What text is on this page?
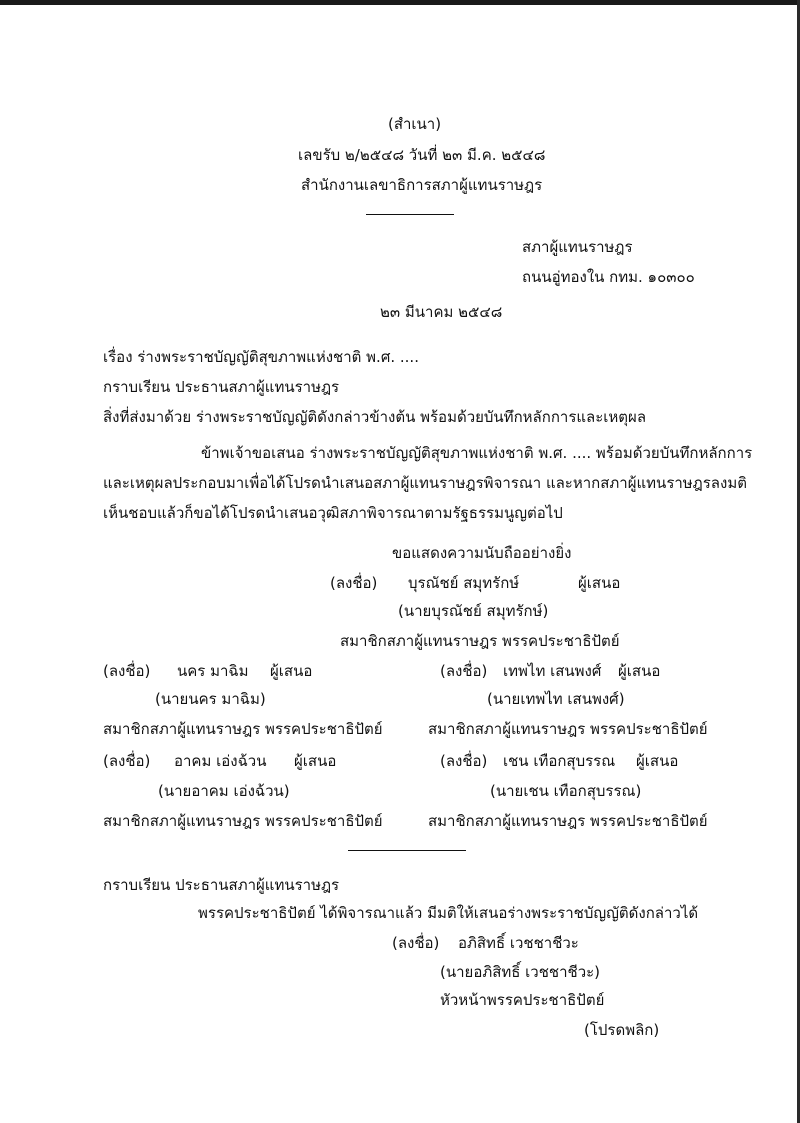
(สำเนา)
เลขรับ ๒/๒๕๔๘ วันที่ ๒๓ มี.ค. ๒๕๔๘
สำนักงานเลขาธิการสภาผู้แทนราษฎร
สภาผู้แทนราษฎร
ถนนอู่ทองใน กทม. ๑๐๓๐๐
๒๓ มีนาคม ๒๕๔๘
เรื่อง ร่างพระราชบัญญัติสุขภาพแห่งชาติ พ.ศ. ....
กราบเรียน ประธานสภาผู้แทนราษฎร
สิ่งที่ส่งมาด้วย ร่างพระราชบัญญัติดังกล่าวข้างต้น พร้อมด้วยบันทึกหลักการและเหตุผล
ข้าพเจ้าขอเสนอ ร่างพระราชบัญญัติสุขภาพแห่งชาติ พ.ศ. .... พร้อมด้วยบันทึกหลักการ
และเหตุผลประกอบมาเพื่อได้โปรดนำเสนอสภาผู้แทนราษฎรพิจารณา และหากสภาผู้แทนราษฎรลงมติ
เห็นชอบแล้วก็ขอได้โปรดนำเสนอวุฒิสภาพิจารณาตามรัฐธรรมนูญต่อไป
ขอแสดงความนับถืออย่างยิ่ง
(ลงชื่อ) บุรณัชย์ สมุทรักษ์	ผู้เสนอ
(นายบุรณัชย์ สมุทรักษ์)
สมาชิกสภาผู้แทนราษฎร พรรคประชาธิปัตย์
(ลงชื่อ) นคร มาฉิม ผู้เสนอ
(นายนคร มาฉิม)
สมาชิกสภาผู้แทนราษฎร พรรคประชาธิปัตย์
(ลงชื่อ) เทพไท เสนพงศ์ ผู้เสนอ
(นายเทพไท เสนพงศ์)
สมาชิกสภาผู้แทนราษฎร พรรคประชาธิปัตย์
(ลงชื่อ) อาคม เอ่งฉ้วน ผู้เสนอ
(นายอาคม เอ่งฉ้วน)
สมาชิกสภาผู้แทนราษฎร พรรคประชาธิปัตย์
(ลงชื่อ) เชน เทือกสุบรรณ ผู้เสนอ
(นายเชน เทือกสุบรรณ)
สมาชิกสภาผู้แทนราษฎร พรรคประชาธิปัตย์
กราบเรียน ประธานสภาผู้แทนราษฎร
พรรคประชาธิปัตย์ ได้พิจารณาแล้ว มีมติให้เสนอร่างพระราชบัญญัติดังกล่าวได้
(ลงชื่อ) อภิสิทธิ์ เวชชาชีวะ
(นายอภิสิทธิ์ เวชชาชีวะ)
หัวหน้าพรรคประชาธิปัตย์
(โปรดพลิก)
